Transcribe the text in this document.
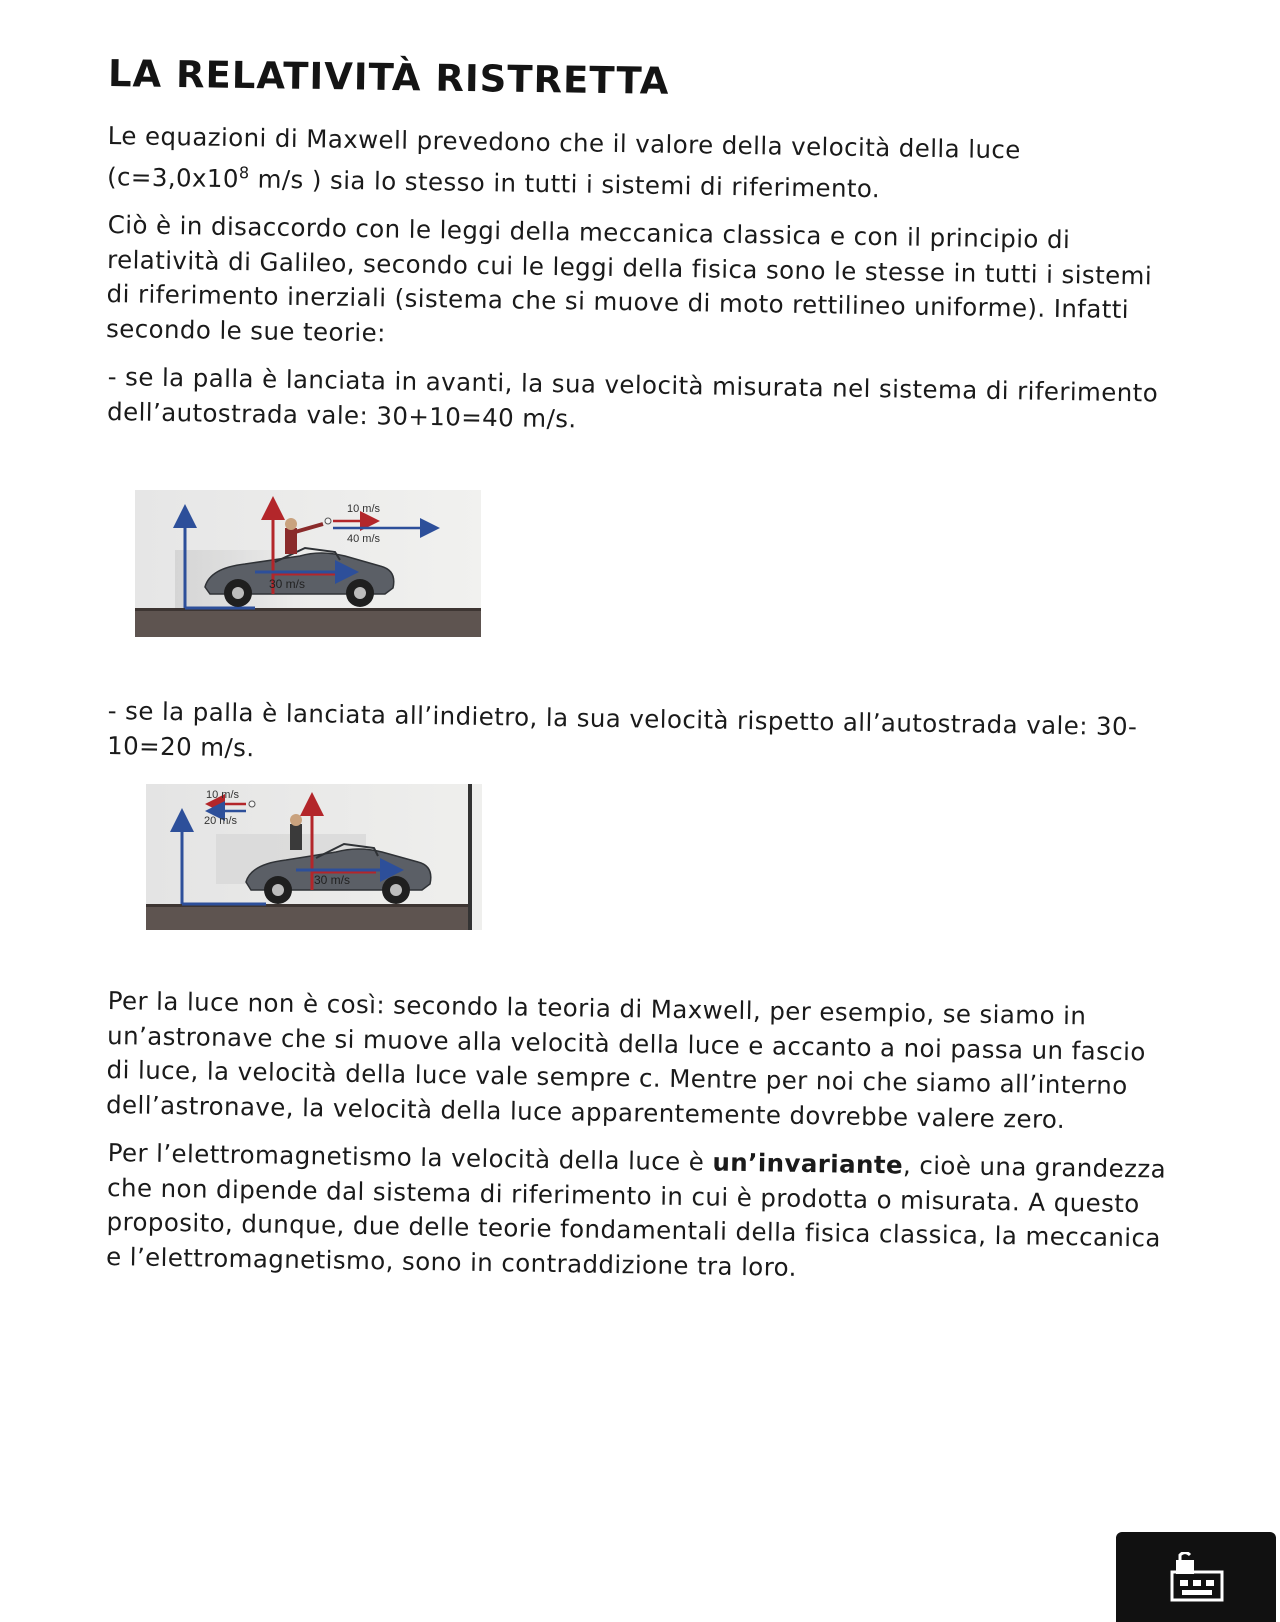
LA RELATIVITÀ RISTRETTA

Le equazioni di Maxwell prevedono che il valore della velocità della luce
($c=3,0x10^8$ m/s ) sia lo stesso in tutti i sistemi di riferimento.

Ciò è in disaccordo con le leggi della meccanica classica e con il principio di relatività di Galileo, secondo cui le leggi della fisica sono le stesse in tutti i sistemi di riferimento inerziali (sistema che si muove di moto rettilineo uniforme). Infatti secondo le sue teorie:

- se la palla è lanciata in avanti, la sua velocità misurata nel sistema di riferimento dell’autostrada vale: 30+10=40 m/s.

10 m/s
40 m/s
30 m/s

- se la palla è lanciata all’indietro, la sua velocità rispetto all’autostrada vale: 30-10=20 m/s.

10 m/s
20 m/s
30 m/s

Per la luce non è così: secondo la teoria di Maxwell, per esempio, se siamo in un’astronave che si muove alla velocità della luce e accanto a noi passa un fascio di luce, la velocità della luce vale sempre c. Mentre per noi che siamo all’interno dell’astronave, la velocità della luce apparentemente dovrebbe valere zero.

Per l’elettromagnetismo la velocità della luce è un’invariante, cioè una grandezza che non dipende dal sistema di riferimento in cui è prodotta o misurata. A questo proposito, dunque, due delle teorie fondamentali della fisica classica, la meccanica e l’elettromagnetismo, sono in contraddizione tra loro.
